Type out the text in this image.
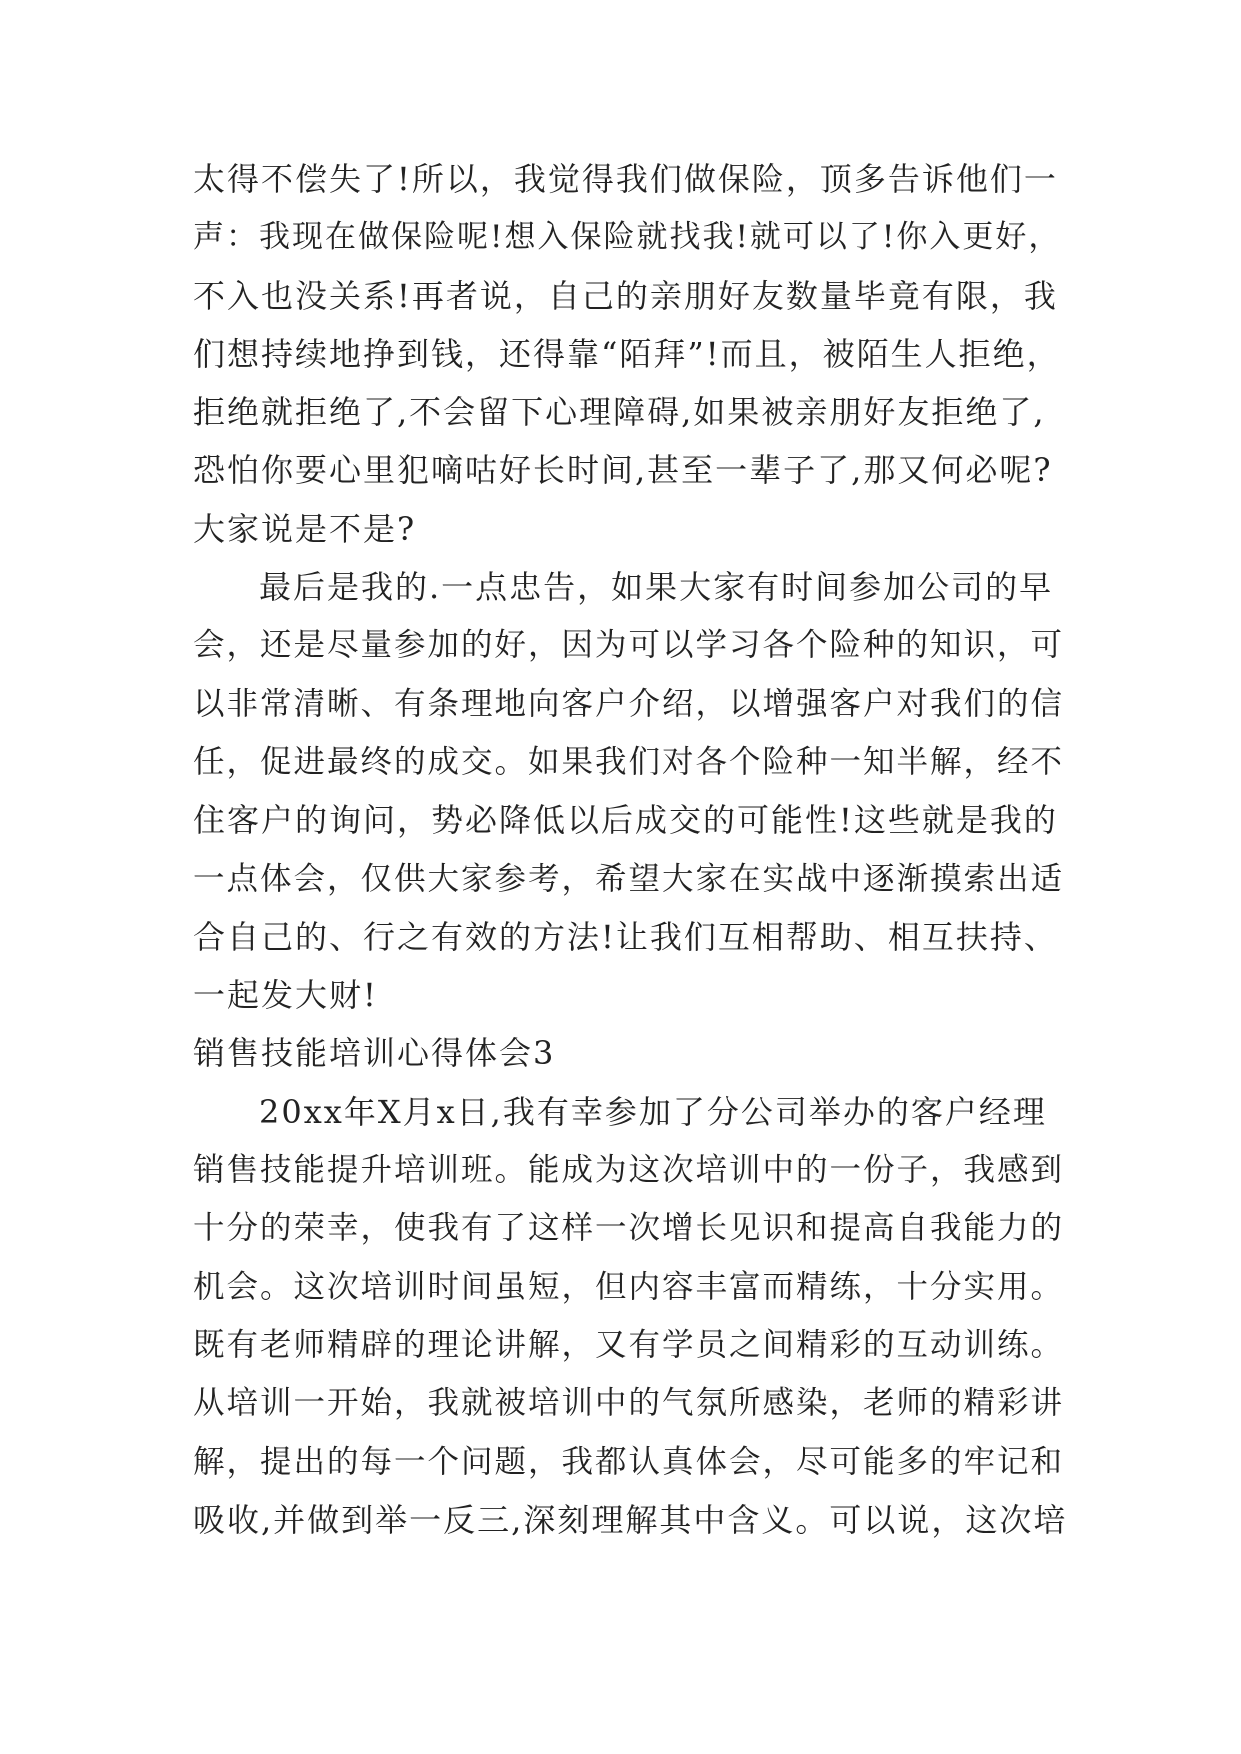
太得不偿失了!所以，我觉得我们做保险，顶多告诉他们一
声：我现在做保险呢!想入保险就找我!就可以了!你入更好，
不入也没关系!再者说，自己的亲朋好友数量毕竟有限，我
们想持续地挣到钱，还得靠“陌拜”!而且，被陌生人拒绝，
拒绝就拒绝了,不会留下心理障碍,如果被亲朋好友拒绝了,
恐怕你要心里犯嘀咕好长时间,甚至一辈子了,那又何必呢?
大家说是不是?
最后是我的.一点忠告，如果大家有时间参加公司的早
会，还是尽量参加的好，因为可以学习各个险种的知识，可
以非常清晰、有条理地向客户介绍，以增强客户对我们的信
任，促进最终的成交。如果我们对各个险种一知半解，经不
住客户的询问，势必降低以后成交的可能性!这些就是我的
一点体会，仅供大家参考，希望大家在实战中逐渐摸索出适
合自己的、行之有效的方法!让我们互相帮助、相互扶持、
一起发大财!
销售技能培训心得体会3
20xx年X月x日,我有幸参加了分公司举办的客户经理
销售技能提升培训班。能成为这次培训中的一份子，我感到
十分的荣幸，使我有了这样一次增长见识和提高自我能力的
机会。这次培训时间虽短，但内容丰富而精练，十分实用。
既有老师精辟的理论讲解，又有学员之间精彩的互动训练。
从培训一开始，我就被培训中的气氛所感染，老师的精彩讲
解，提出的每一个问题，我都认真体会，尽可能多的牢记和
吸收,并做到举一反三,深刻理解其中含义。可以说，这次培
